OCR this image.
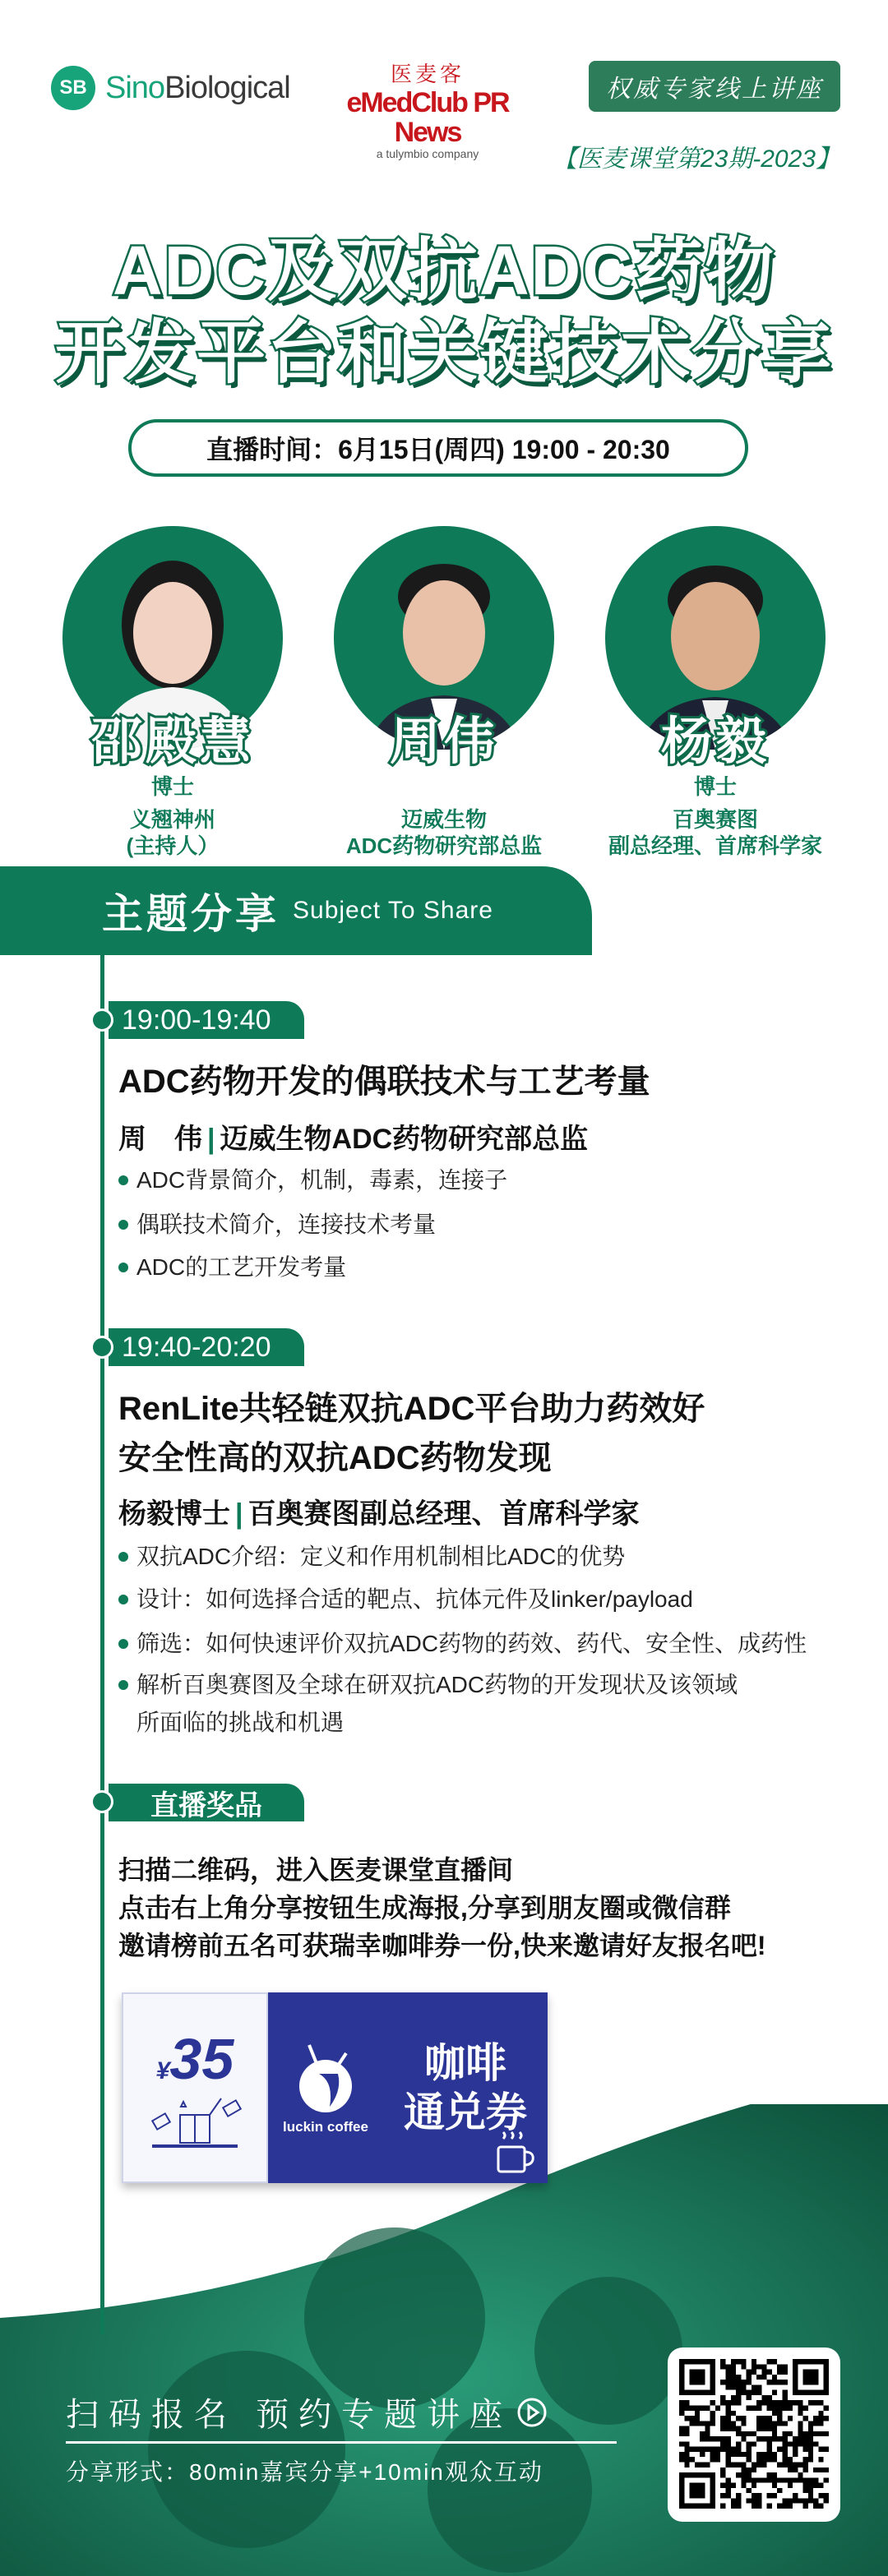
SB SinoBiological	医麦客
eMedClub PR News
a tulymbio company
权威专家线上讲座
【医麦课堂第23期-2023】
ADC及双抗ADC药物
开发平台和关键技术分享
直播时间：6月15日(周四) 19:00 - 20:30
邵殿慧
博士
义翘神州
(主持人）
周伟
迈威生物
ADC药物研究部总监
杨毅
博士
百奥赛图
副总经理、首席科学家
主题分享 Subject To Share
19:00-19:40
ADC药物开发的偶联技术与工艺考量
周　伟 | 迈威生物ADC药物研究部总监
ADC背景简介，机制，毒素，连接子
偶联技术简介，连接技术考量
ADC的工艺开发考量
19:40-20:20
RenLite共轻链双抗ADC平台助力药效好
安全性高的双抗ADC药物发现
杨毅博士 | 百奥赛图副总经理、首席科学家
双抗ADC介绍：定义和作用机制相比ADC的优势
设计：如何选择合适的靶点、抗体元件及linker/payload
筛选：如何快速评价双抗ADC药物的药效、药代、安全性、成药性
解析百奥赛图及全球在研双抗ADC药物的开发现状及该领域
所面临的挑战和机遇
直播奖品
扫描二维码，进入医麦课堂直播间
点击右上角分享按钮生成海报,分享到朋友圈或微信群
邀请榜前五名可获瑞幸咖啡券一份,快来邀请好友报名吧!
¥35
luckin coffee
咖啡
通兑券
扫码报名 预约专题讲座
分享形式：80min嘉宾分享+10min观众互动
